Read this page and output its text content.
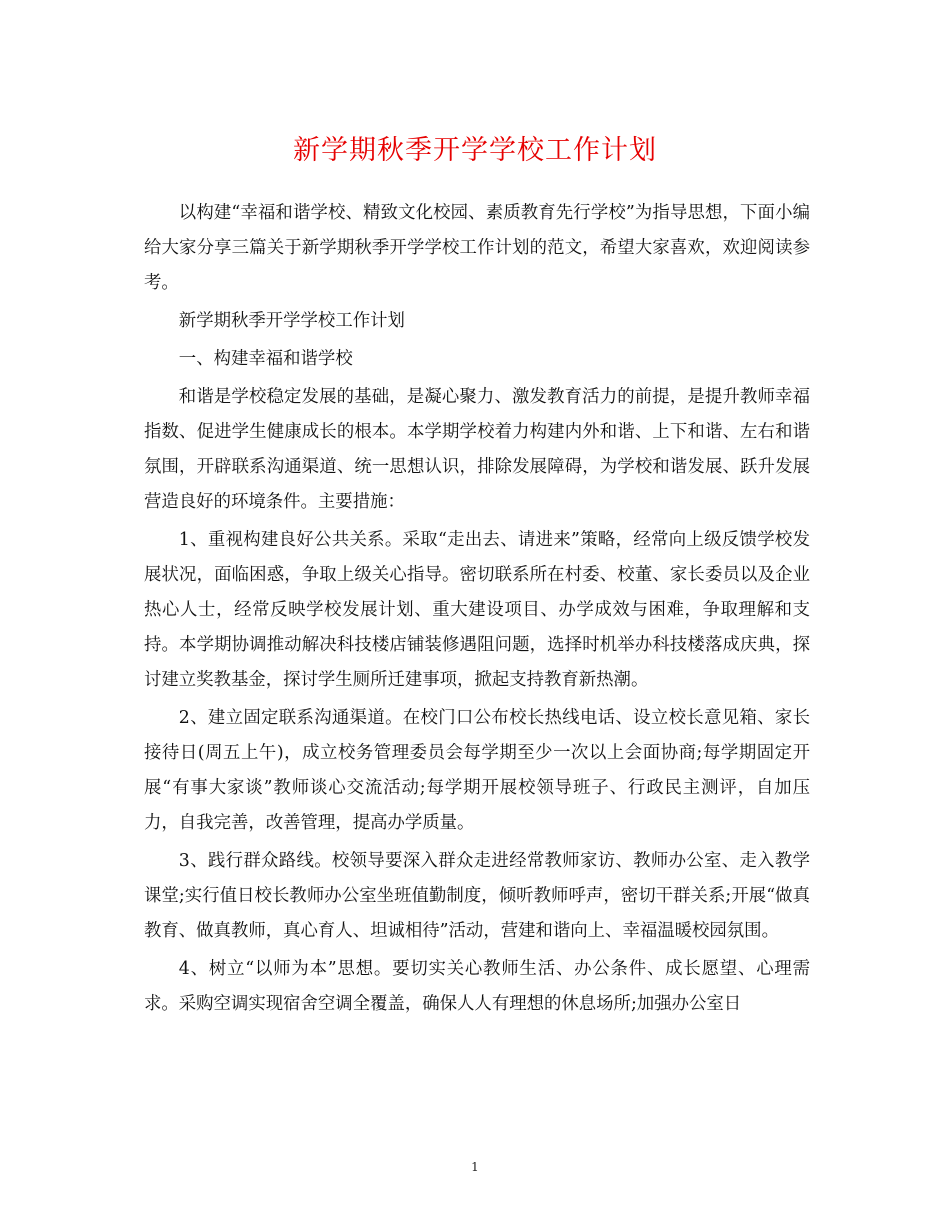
新学期秋季开学学校工作计划

以构建“幸福和谐学校、精致文化校园、素质教育先行学校”为指导思想，下面小编给大家分享三篇关于新学期秋季开学学校工作计划的范文，希望大家喜欢，欢迎阅读参考。

新学期秋季开学学校工作计划

一、构建幸福和谐学校

和谐是学校稳定发展的基础，是凝心聚力、激发教育活力的前提，是提升教师幸福指数、促进学生健康成长的根本。本学期学校着力构建内外和谐、上下和谐、左右和谐氛围，开辟联系沟通渠道、统一思想认识，排除发展障碍，为学校和谐发展、跃升发展营造良好的环境条件。主要措施：

1、重视构建良好公共关系。采取“走出去、请进来”策略，经常向上级反馈学校发展状况，面临困惑，争取上级关心指导。密切联系所在村委、校董、家长委员以及企业热心人士，经常反映学校发展计划、重大建设项目、办学成效与困难，争取理解和支持。本学期协调推动解决科技楼店铺装修遇阻问题，选择时机举办科技楼落成庆典，探讨建立奖教基金，探讨学生厕所迁建事项，掀起支持教育新热潮。

2、建立固定联系沟通渠道。在校门口公布校长热线电话、设立校长意见箱、家长接待日(周五上午)，成立校务管理委员会每学期至少一次以上会面协商;每学期固定开展“有事大家谈”教师谈心交流活动;每学期开展校领导班子、行政民主测评，自加压力，自我完善，改善管理，提高办学质量。

3、践行群众路线。校领导要深入群众走进经常教师家访、教师办公室、走入教学课堂;实行值日校长教师办公室坐班值勤制度，倾听教师呼声，密切干群关系;开展“做真教育、做真教师，真心育人、坦诚相待”活动，营建和谐向上、幸福温暖校园氛围。

4、树立“以师为本”思想。要切实关心教师生活、办公条件、成长愿望、心理需求。采购空调实现宿舍空调全覆盖，确保人人有理想的休息场所;加强办公室日

1
